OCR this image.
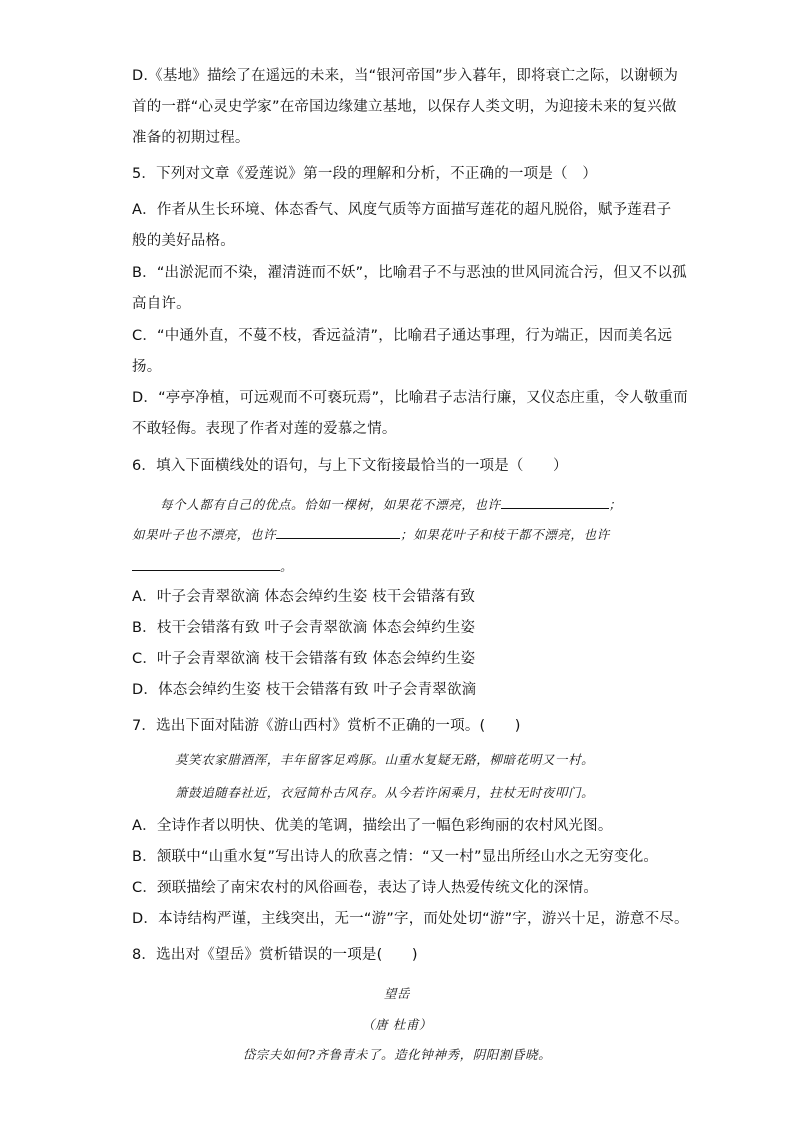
D.《基地》描绘了在遥远的未来，当“银河帝国”步入暮年，即将衰亡之际，以谢顿为
首的一群“心灵史学家”在帝国边缘建立基地，以保存人类文明，为迎接未来的复兴做
准备的初期过程。
5．下列对文章《爱莲说》第一段的理解和分析，不正确的一项是（　）
A．作者从生长环境、体态香气、风度气质等方面描写莲花的超凡脱俗，赋予莲君子
般的美好品格。
B．“出淤泥而不染，濯清涟而不妖”，比喻君子不与恶浊的世风同流合污，但又不以孤
高自许。
C．“中通外直，不蔓不枝，香远益清”，比喻君子通达事理，行为端正，因而美名远
扬。
D．“亭亭净植，可远观而不可亵玩焉”，比喻君子志洁行廉，又仪态庄重，令人敬重而
不敢轻侮。表现了作者对莲的爱慕之情。
6．填入下面横线处的语句，与上下文衔接最恰当的一项是（　　）
每个人都有自己的优点。恰如一棵树，如果花不漂亮，也许	；
如果叶子也不漂亮，也许	；如果花叶子和枝干都不漂亮，也许
。
A．叶子会青翠欲滴 体态会绰约生姿 枝干会错落有致
B．枝干会错落有致 叶子会青翠欲滴 体态会绰约生姿
C．叶子会青翠欲滴 枝干会错落有致 体态会绰约生姿
D．体态会绰约生姿 枝干会错落有致 叶子会青翠欲滴
7．选出下面对陆游《游山西村》赏析不正确的一项。(　　)
莫笑农家腊酒浑，丰年留客足鸡豚。山重水复疑无路，柳暗花明又一村。
箫鼓追随春社近，衣冠简朴古风存。从今若许闲乘月，拄杖无时夜叩门。
A．全诗作者以明快、优美的笔调，描绘出了一幅色彩绚丽的农村风光图。
B．颔联中“山重水复”写出诗人的欣喜之情：“又一村”显出所经山水之无穷变化。
C．颈联描绘了南宋农村的风俗画卷，表达了诗人热爱传统文化的深情。
D．本诗结构严谨，主线突出，无一“游”字，而处处切“游”字，游兴十足，游意不尽。
8．选出对《望岳》赏析错误的一项是(　　)
望岳
（唐 杜甫）
岱宗夫如何?齐鲁青未了。造化钟神秀，阴阳割昏晓。
